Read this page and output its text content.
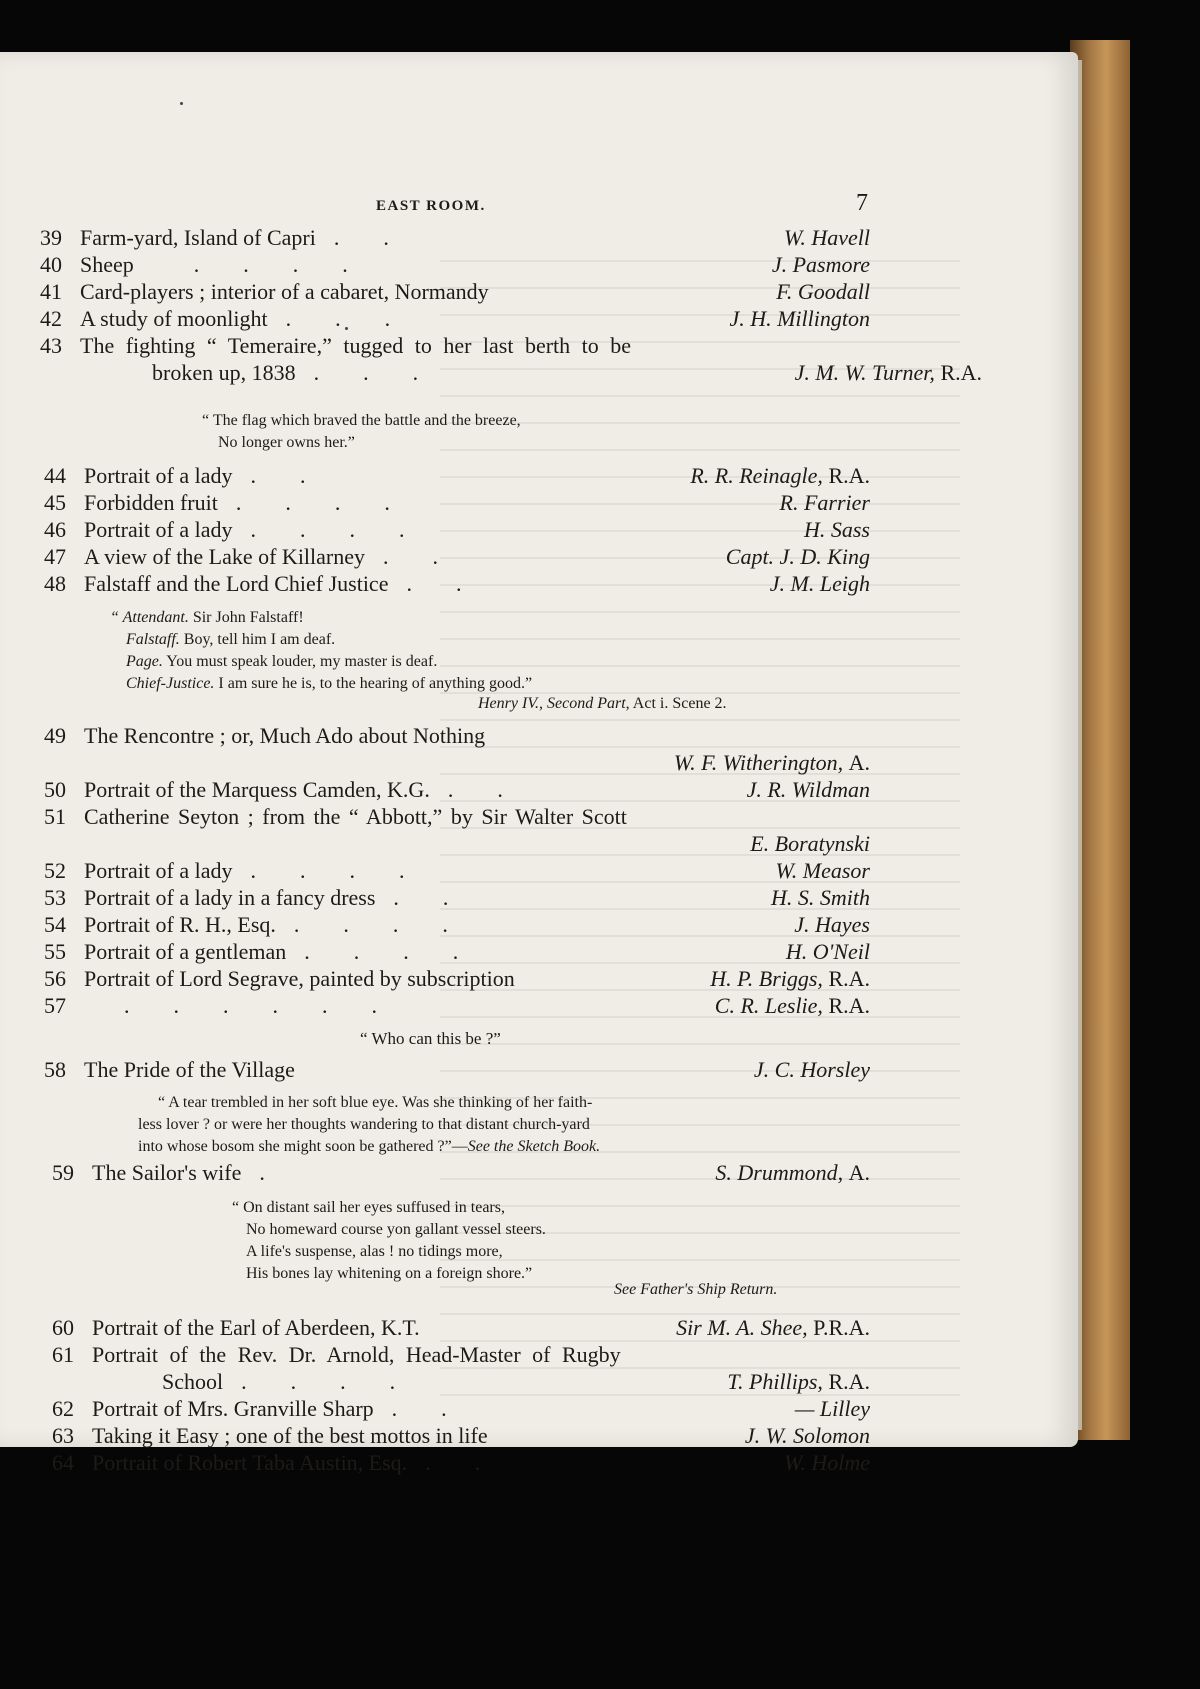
EAST ROOM.	7
39 Farm-yard, Island of Capri ..	W. Havell
40 Sheep	....	J. Pasmore
41 Card-players ; interior of a cabaret, Normandy	F. Goodall
42 A study of moonlight ...	J. H. Millington
43 The fighting “ Temeraire,” tugged to her last berth to be
broken up, 1838 ...	J. M. W. Turner, R.A.
“ The flag which braved the battle and the breeze,
No longer owns her.”
44 Portrait of a lady ..	R. R. Reinagle, R.A.
45 Forbidden fruit ....	R. Farrier
46 Portrait of a lady ....	H. Sass
47 A view of the Lake of Killarney ..	Capt. J. D. King
48 Falstaff and the Lord Chief Justice ..	J. M. Leigh
“ Attendant. Sir John Falstaff!
Falstaff. Boy, tell him I am deaf.
Page. You must speak louder, my master is deaf.
Chief-Justice. I am sure he is, to the hearing of anything good.”
Henry IV., Second Part, Act i. Scene 2.
49 The Rencontre ; or, Much Ado about Nothing
W. F. Witherington, A.
50 Portrait of the Marquess Camden, K.G. ..	J. R. Wildman
51 Catherine Seyton ; from the “ Abbott,” by Sir Walter Scott
E. Boratynski
52 Portrait of a lady ....	W. Measor
53 Portrait of a lady in a fancy dress ..	H. S. Smith
54 Portrait of R. H., Esq. ....	J. Hayes
55 Portrait of a gentleman ....	H. O'Neil
56 Portrait of Lord Segrave, painted by subscription	H. P. Briggs, R.A.
57	......	C. R. Leslie, R.A.
“ Who can this be ?”
58 The Pride of the Village	J. C. Horsley
“ A tear trembled in her soft blue eye. Was she thinking of her faith-
less lover ? or were her thoughts wandering to that distant church-yard
into whose bosom she might soon be gathered ?”—See the Sketch Book.
59 The Sailor's wife .	S. Drummond, A.
“ On distant sail her eyes suffused in tears,
No homeward course yon gallant vessel steers.
A life's suspense, alas ! no tidings more,
His bones lay whitening on a foreign shore.”
See Father's Ship Return.
60 Portrait of the Earl of Aberdeen, K.T.	Sir M. A. Shee, P.R.A.
61 Portrait of the Rev. Dr. Arnold, Head-Master of Rugby
School ....	T. Phillips, R.A.
62 Portrait of Mrs. Granville Sharp ..	— Lilley
63 Taking it Easy ; one of the best mottos in life	J. W. Solomon
64 Portrait of Robert Taba Austin, Esq. ..	W. Holme
